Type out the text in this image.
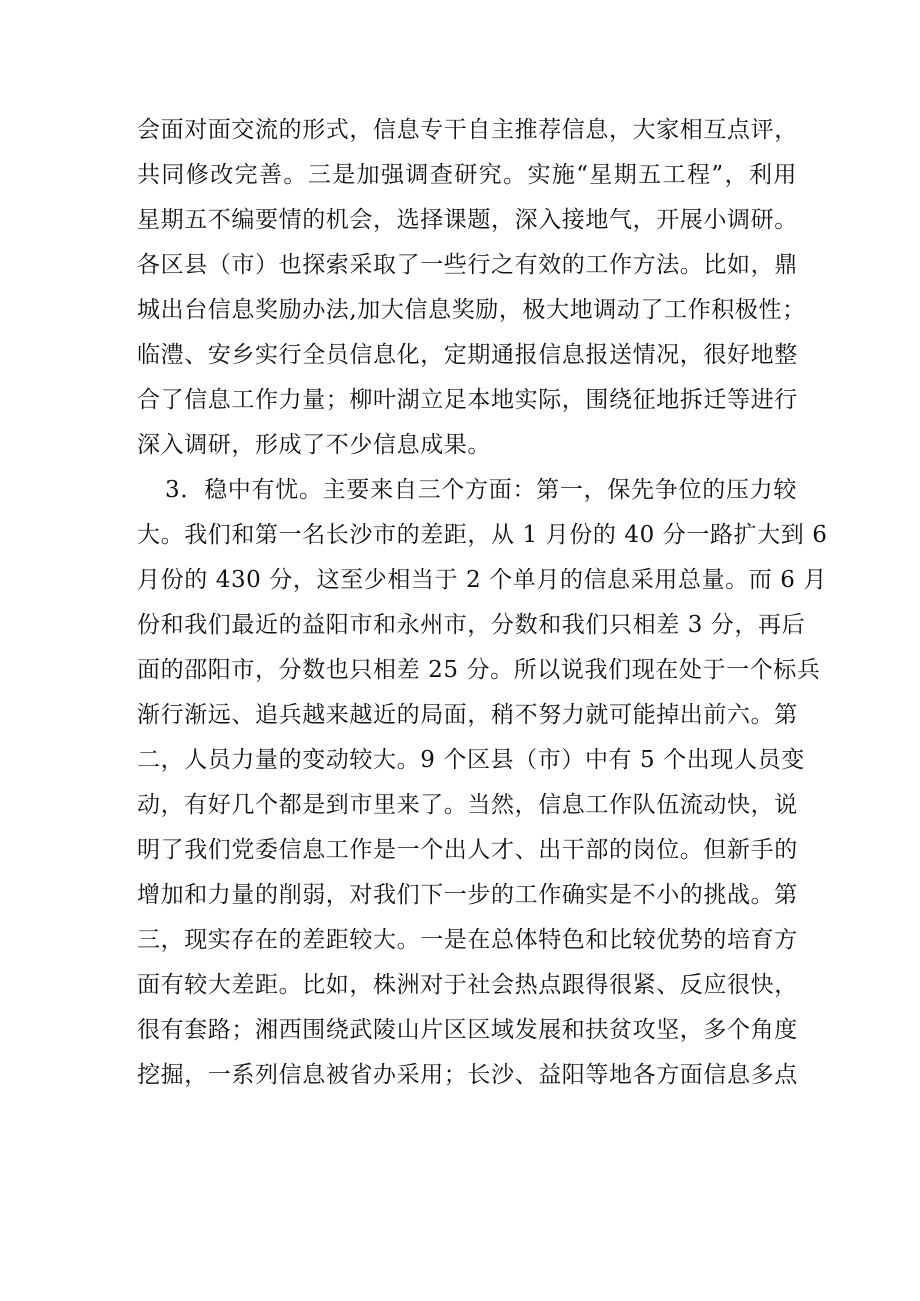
会面对面交流的形式，信息专干自主推荐信息，大家相互点评，
共同修改完善。三是加强调查研究。实施“星期五工程”，利用
星期五不编要情的机会，选择课题，深入接地气，开展小调研。
各区县（市）也探索采取了一些行之有效的工作方法。比如，鼎
城出台信息奖励办法,加大信息奖励，极大地调动了工作积极性；
临澧、安乡实行全员信息化，定期通报信息报送情况，很好地整
合了信息工作力量；柳叶湖立足本地实际，围绕征地拆迁等进行
深入调研，形成了不少信息成果。
3．稳中有忧。主要来自三个方面：第一，保先争位的压力较
大。我们和第一名长沙市的差距，从 1 月份的 40 分一路扩大到 6
月份的 430 分，这至少相当于 2 个单月的信息采用总量。而 6 月
份和我们最近的益阳市和永州市，分数和我们只相差 3 分，再后
面的邵阳市，分数也只相差 25 分。所以说我们现在处于一个标兵
渐行渐远、追兵越来越近的局面，稍不努力就可能掉出前六。第
二，人员力量的变动较大。9 个区县（市）中有 5 个出现人员变
动，有好几个都是到市里来了。当然，信息工作队伍流动快，说
明了我们党委信息工作是一个出人才、出干部的岗位。但新手的
增加和力量的削弱，对我们下一步的工作确实是不小的挑战。第
三，现实存在的差距较大。一是在总体特色和比较优势的培育方
面有较大差距。比如，株洲对于社会热点跟得很紧、反应很快，
很有套路；湘西围绕武陵山片区区域发展和扶贫攻坚，多个角度
挖掘，一系列信息被省办采用；长沙、益阳等地各方面信息多点
